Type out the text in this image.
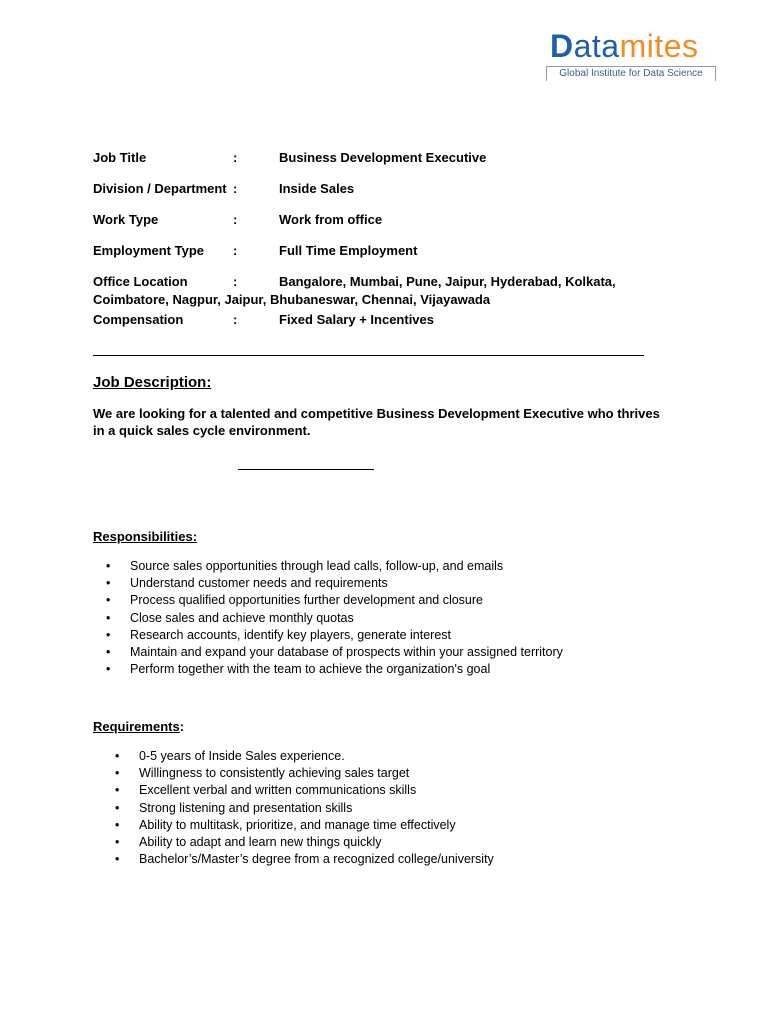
Datamites
Global Institute for Data Science
Job Title	:	Business Development Executive
Division / Department :	Inside Sales
Work Type	:	Work from office
Employment Type :	Full Time Employment
Office Location	:	Bangalore, Mumbai, Pune, Jaipur, Hyderabad, Kolkata,
Coimbatore, Nagpur, Jaipur, Bhubaneswar, Chennai, Vijayawada
Compensation	:	Fixed Salary + Incentives
Job Description:
We are looking for a talented and competitive Business Development Executive who thrives in a quick sales cycle environment.
Responsibilities:
• Source sales opportunities through lead calls, follow-up, and emails
• Understand customer needs and requirements
• Process qualified opportunities further development and closure
• Close sales and achieve monthly quotas
• Research accounts, identify key players, generate interest
• Maintain and expand your database of prospects within your assigned territory
• Perform together with the team to achieve the organization's goal
Requirements:
• 0-5 years of Inside Sales experience.
• Willingness to consistently achieving sales target
• Excellent verbal and written communications skills
• Strong listening and presentation skills
• Ability to multitask, prioritize, and manage time effectively
• Ability to adapt and learn new things quickly
• Bachelor’s/Master’s degree from a recognized college/university
